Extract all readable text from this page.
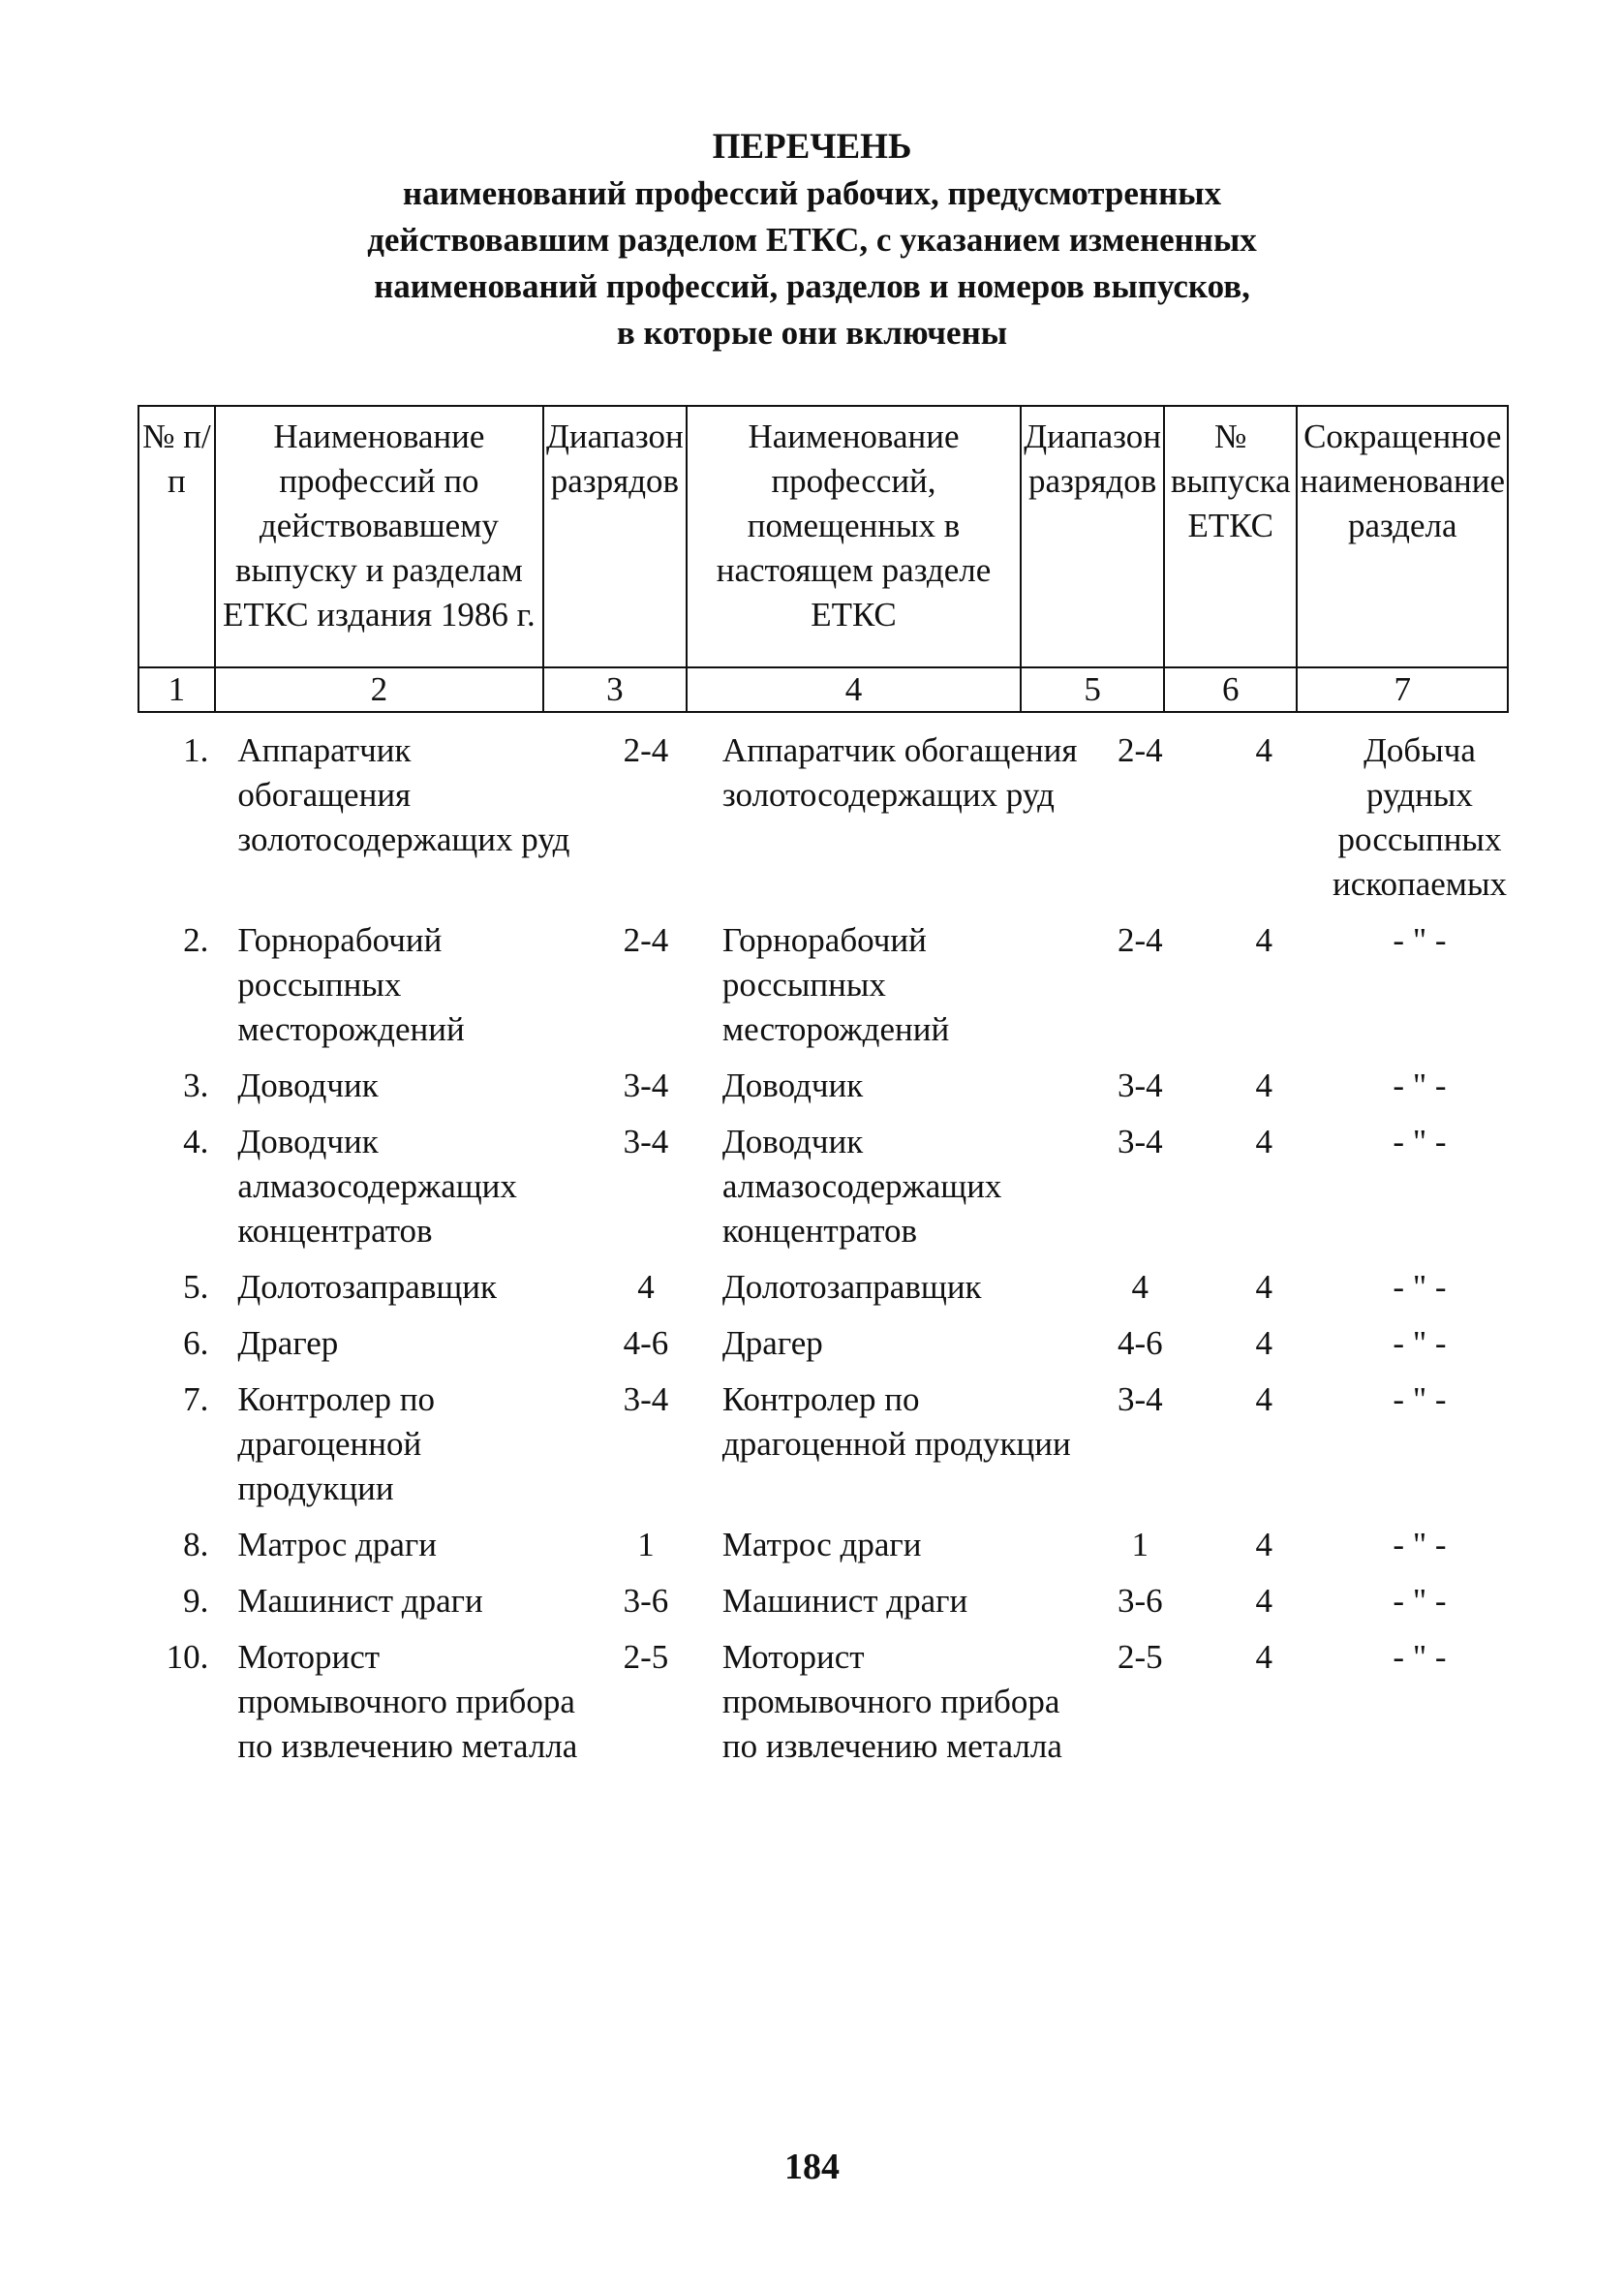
ПЕРЕЧЕНЬ
наименований профессий рабочих, предусмотренных
действовавшим разделом ЕТКС, с указанием измененных
наименований профессий, разделов и номеров выпусков,
в которые они включены
№ п/п	Наименование профессий по действовавшему выпуску и разделам ЕТКС издания 1986 г.	Диапазон разрядов	Наименование профессий, помещенных в настоящем разделе ЕТКС	Диапазон разрядов	№ выпуска ЕТКС	Сокращенное наименование раздела
1	2	3	4	5	6	7
1.	Аппаратчик обогащения золотосодержащих руд	2-4	Аппаратчик обогащения золотосодержащих руд	2-4	4	Добыча рудных россыпных ископаемых
2.	Горнорабочий россыпных месторождений	2-4	Горнорабочий россыпных месторождений	2-4	4	- " -
3.	Доводчик	3-4	Доводчик	3-4	4	- " -
4.	Доводчик алмазосодержащих концентратов	3-4	Доводчик алмазосодержащих концентратов	3-4	4	- " -
5.	Долотозаправщик	4	Долотозаправщик	4	4	- " -
6.	Драгер	4-6	Драгер	4-6	4	- " -
7.	Контролер по драгоценной продукции	3-4	Контролер по драгоценной продукции	3-4	4	- " -
8.	Матрос драги	1	Матрос драги	1	4	- " -
9.	Машинист драги	3-6	Машинист драги	3-6	4	- " -
10.	Моторист промывочного прибора по извлечению металла	2-5	Моторист промывочного прибора по извлечению металла	2-5	4	- " -
184
